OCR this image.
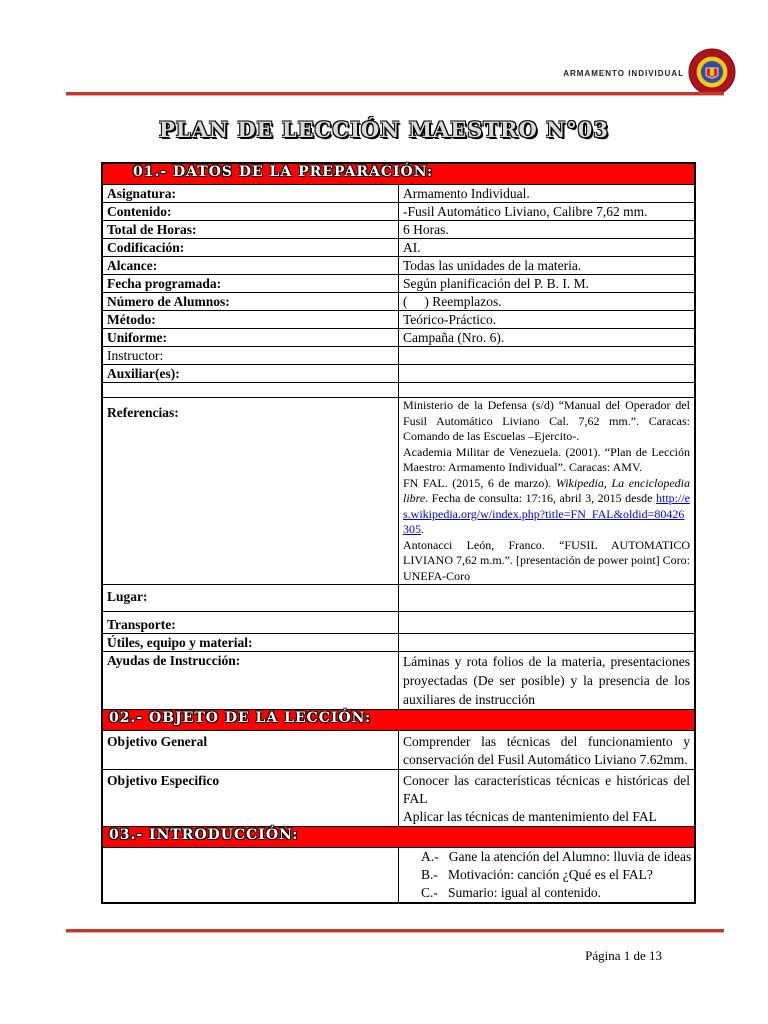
ARMAMENTO INDIVIDUAL
PLAN DE LECCIÓN MAESTRO N°03
01.- DATOS DE LA PREPARACIÓN:	
Asignatura:	Armamento Individual.
Contenido:	-Fusil Automático Liviano, Calibre 7,62 mm.
Total de Horas:	6 Horas.
Codificación:	AI.
Alcance:	Todas las unidades de la materia.
Fecha programada:	Según planificación del P. B. I. M.
Número de Alumnos:	(     ) Reemplazos.
Método:	Teórico-Práctico.
Uniforme:	Campaña (Nro. 6).
Instructor:	
Auxiliar(es):	

Referencias:	Ministerio de la Defensa (s/d) “Manual del Operador del Fusil Automático Liviano Cal. 7,62 mm.”. Caracas: Comando de las Escuelas –Ejercito-.

Academia Militar de Venezuela. (2001). “Plan de Lección Maestro: Armamento Individual”. Caracas: AMV.

FN FAL. (2015, 6 de marzo). Wikipedia, La enciclopedia libre. Fecha de consulta: 17:16, abril 3, 2015 desde http://es.wikipedia.org/w/index.php?title=FN_FAL&oldid=80426305.

Antonacci León, Franco. “FUSIL AUTOMATICO LIVIANO 7,62 m.m.”. [presentación de power point] Coro: UNEFA-Coro

Lugar:	
Transporte:	
Útiles, equipo y material:	
Ayudas de Instrucción:	Láminas y rota folios de la materia, presentaciones proyectadas (De ser posible) y la presencia de los auxiliares de instrucción
02.- OBJETO DE LA LECCIÓN:	
Objetivo General	Comprender las técnicas del funcionamiento y conservación del Fusil Automático Liviano 7.62mm.
Objetivo Especifico	Conocer las características técnicas e históricas del FAL
Aplicar las técnicas de mantenimiento del FAL

03.- INTRODUCCIÓN:	

	A.-   Gane la atención del Alumno: lluvia de ideas
B.-   Motivación: canción ¿Qué es el FAL?
C.-   Sumario: igual al contenido.
Página 1 de 13
